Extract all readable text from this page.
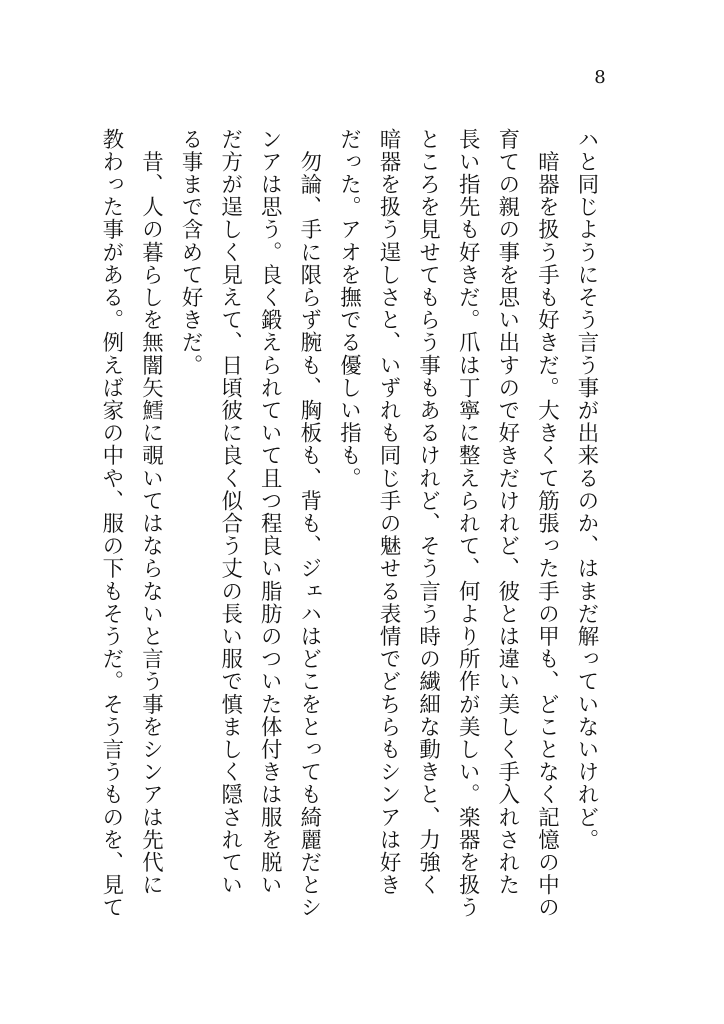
8
ハと同じようにそう言う事が出来るのか、はまだ解っていないけれど。
　暗器を扱う手も好きだ。大きくて筋張った手の甲も、どことなく記憶の中の
育ての親の事を思い出すので好きだけれど、彼とは違い美しく手入れされた
長い指先も好きだ。爪は丁寧に整えられて、何より所作が美しい。楽器を扱う
ところを見せてもらう事もあるけれど、そう言う時の繊細な動きと、力強く
暗器を扱う逞しさと、いずれも同じ手の魅せる表情でどちらもシンアは好き
だった。アオを撫でる優しい指も。
　勿論、手に限らず腕も、胸板も、背も、ジェハはどこをとっても綺麗だとシ
ンアは思う。良く鍛えられていて且つ程良い脂肪のついた体付きは服を脱い
だ方が逞しく見えて、日頃彼に良く似合う丈の長い服で慎ましく隠されてい
る事まで含めて好きだ。
　昔、人の暮らしを無闇矢鱈に覗いてはならないと言う事をシンアは先代に
教わった事がある。例えば家の中や、服の下もそうだ。そう言うものを、見て
